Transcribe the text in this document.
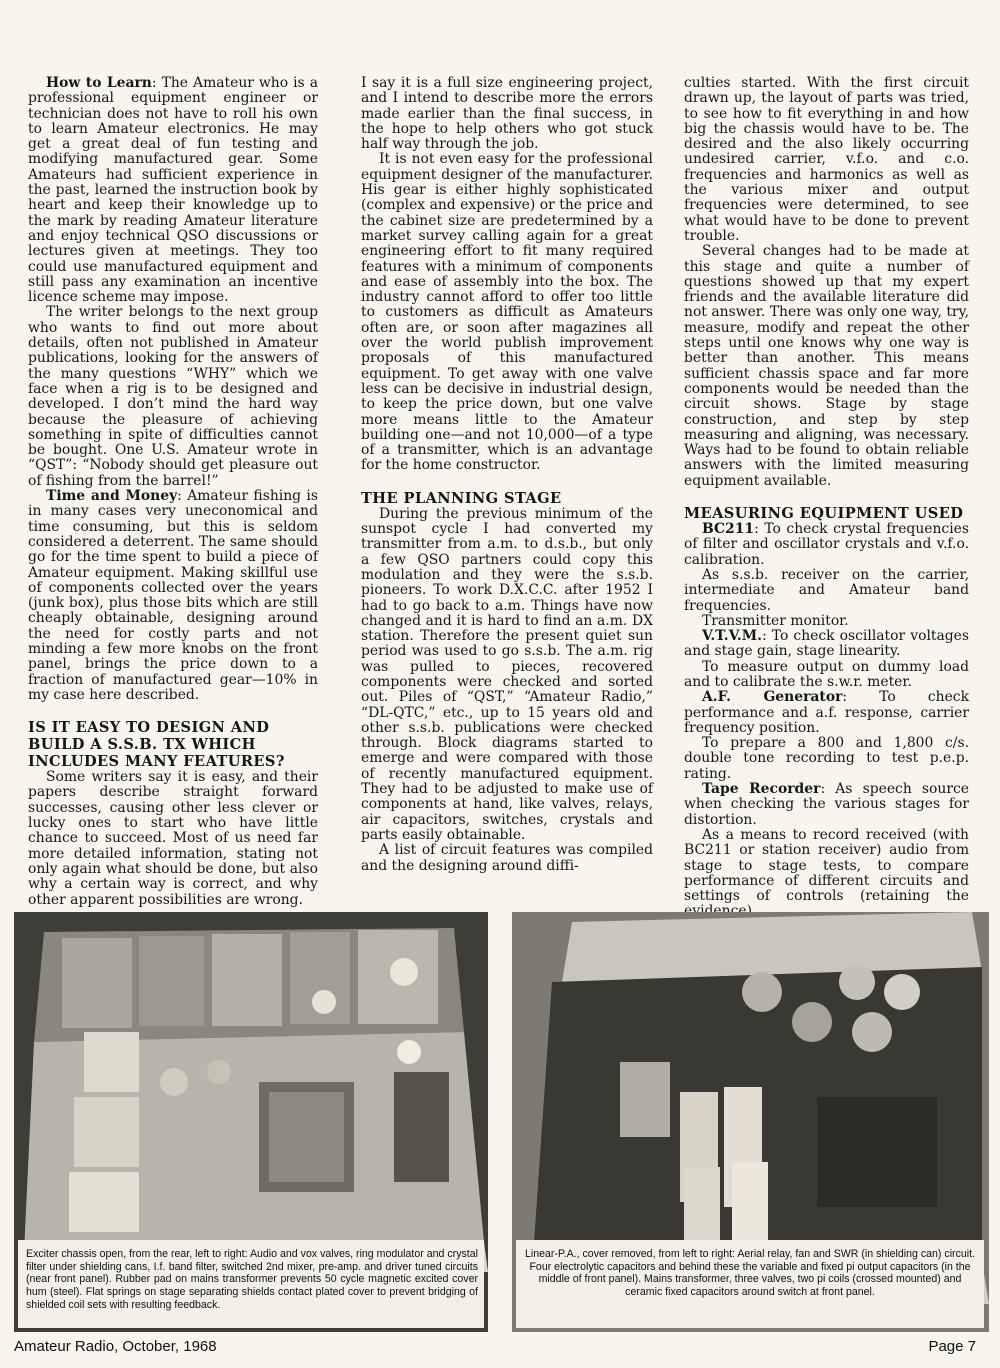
How to Learn: The Amateur who is a professional equipment engineer or technician does not have to roll his own to learn Amateur electronics. He may get a great deal of fun testing and modifying manufactured gear. Some Amateurs had sufficient experience in the past, learned the instruction book by heart and keep their knowledge up to the mark by reading Amateur literature and enjoy technical QSO discussions or lectures given at meetings. They too could use manufactured equipment and still pass any examination an incentive licence scheme may impose.

The writer belongs to the next group who wants to find out more about details, often not published in Amateur publications, looking for the answers of the many questions “WHY” which we face when a rig is to be designed and developed. I don’t mind the hard way because the pleasure of achieving something in spite of difficulties cannot be bought. One U.S. Amateur wrote in “QST”: “Nobody should get pleasure out of fishing from the barrel!”

Time and Money: Amateur fishing is in many cases very uneconomical and time consuming, but this is seldom considered a deterrent. The same should go for the time spent to build a piece of Amateur equipment. Making skillful use of components collected over the years (junk box), plus those bits which are still cheaply obtainable, designing around the need for costly parts and not minding a few more knobs on the front panel, brings the price down to a fraction of manufactured gear—10% in my case here described.

IS IT EASY TO DESIGN AND BUILD A S.S.B. TX WHICH INCLUDES MANY FEATURES?

Some writers say it is easy, and their papers describe straight forward successes, causing other less clever or lucky ones to start who have little chance to succeed. Most of us need far more detailed information, stating not only again what should be done, but also why a certain way is correct, and why other apparent possibilities are wrong.

I say it is a full size engineering project, and I intend to describe more the errors made earlier than the final success, in the hope to help others who got stuck half way through the job.

It is not even easy for the professional equipment designer of the manufacturer. His gear is either highly sophisticated (complex and expensive) or the price and the cabinet size are predetermined by a market survey calling again for a great engineering effort to fit many required features with a minimum of components and ease of assembly into the box. The industry cannot afford to offer too little to customers as difficult as Amateurs often are, or soon after magazines all over the world publish improvement proposals of this manufactured equipment. To get away with one valve less can be decisive in industrial design, to keep the price down, but one valve more means little to the Amateur building one—and not 10,000—of a type of a transmitter, which is an advantage for the home constructor.

THE PLANNING STAGE

During the previous minimum of the sunspot cycle I had converted my transmitter from a.m. to d.s.b., but only a few QSO partners could copy this modulation and they were the s.s.b. pioneers. To work D.X.C.C. after 1952 I had to go back to a.m. Things have now changed and it is hard to find an a.m. DX station. Therefore the present quiet sun period was used to go s.s.b. The a.m. rig was pulled to pieces, recovered components were checked and sorted out. Piles of “QST,” “Amateur Radio,” “DL-QTC,” etc., up to 15 years old and other s.s.b. publications were checked through. Block diagrams started to emerge and were compared with those of recently manufactured equipment. They had to be adjusted to make use of components at hand, like valves, relays, air capacitors, switches, crystals and parts easily obtainable.

A list of circuit features was compiled and the designing around diffi-

culties started. With the first circuit drawn up, the layout of parts was tried, to see how to fit everything in and how big the chassis would have to be. The desired and the also likely occurring undesired carrier, v.f.o. and c.o. frequencies and harmonics as well as the various mixer and output frequencies were determined, to see what would have to be done to prevent trouble.

Several changes had to be made at this stage and quite a number of questions showed up that my expert friends and the available literature did not answer. There was only one way, try, measure, modify and repeat the other steps until one knows why one way is better than another. This means sufficient chassis space and far more components would be needed than the circuit shows. Stage by stage construction, and step by step measuring and aligning, was necessary. Ways had to be found to obtain reliable answers with the limited measuring equipment available.

MEASURING EQUIPMENT USED

BC211: To check crystal frequencies of filter and oscillator crystals and v.f.o. calibration.

As s.s.b. receiver on the carrier, intermediate and Amateur band frequencies.

Transmitter monitor.

V.T.V.M.: To check oscillator voltages and stage gain, stage linearity.

To measure output on dummy load and to calibrate the s.w.r. meter.

A.F. Generator: To check performance and a.f. response, carrier frequency position.

To prepare a 800 and 1,800 c/s. double tone recording to test p.e.p. rating.

Tape Recorder: As speech source when checking the various stages for distortion.

As a means to record received (with BC211 or station receiver) audio from stage to stage tests, to compare performance of different circuits and settings of controls (retaining the

Exciter chassis open, from the rear, left to right: Audio and vox valves, ring modulator and crystal filter under shielding cans, I.f. band filter, switched 2nd mixer, pre-amp. and driver tuned circuits (near front panel). Rubber pad on mains transformer prevents 50 cycle magnetic excited cover hum (steel). Flat springs on stage separating shields contact plated cover to prevent bridging of shielded coil sets with resulting feedback.
Linear-P.A., cover removed, from left to right: Aerial relay, fan and SWR (in shielding can) circuit. Four electrolytic capacitors and behind these the variable and fixed pi output capacitors (in the middle of front panel). Mains transformer, three valves, two pi coils (crossed mounted) and ceramic fixed capacitors around switch at front panel.
Amateur Radio, October, 1968	Page 7
